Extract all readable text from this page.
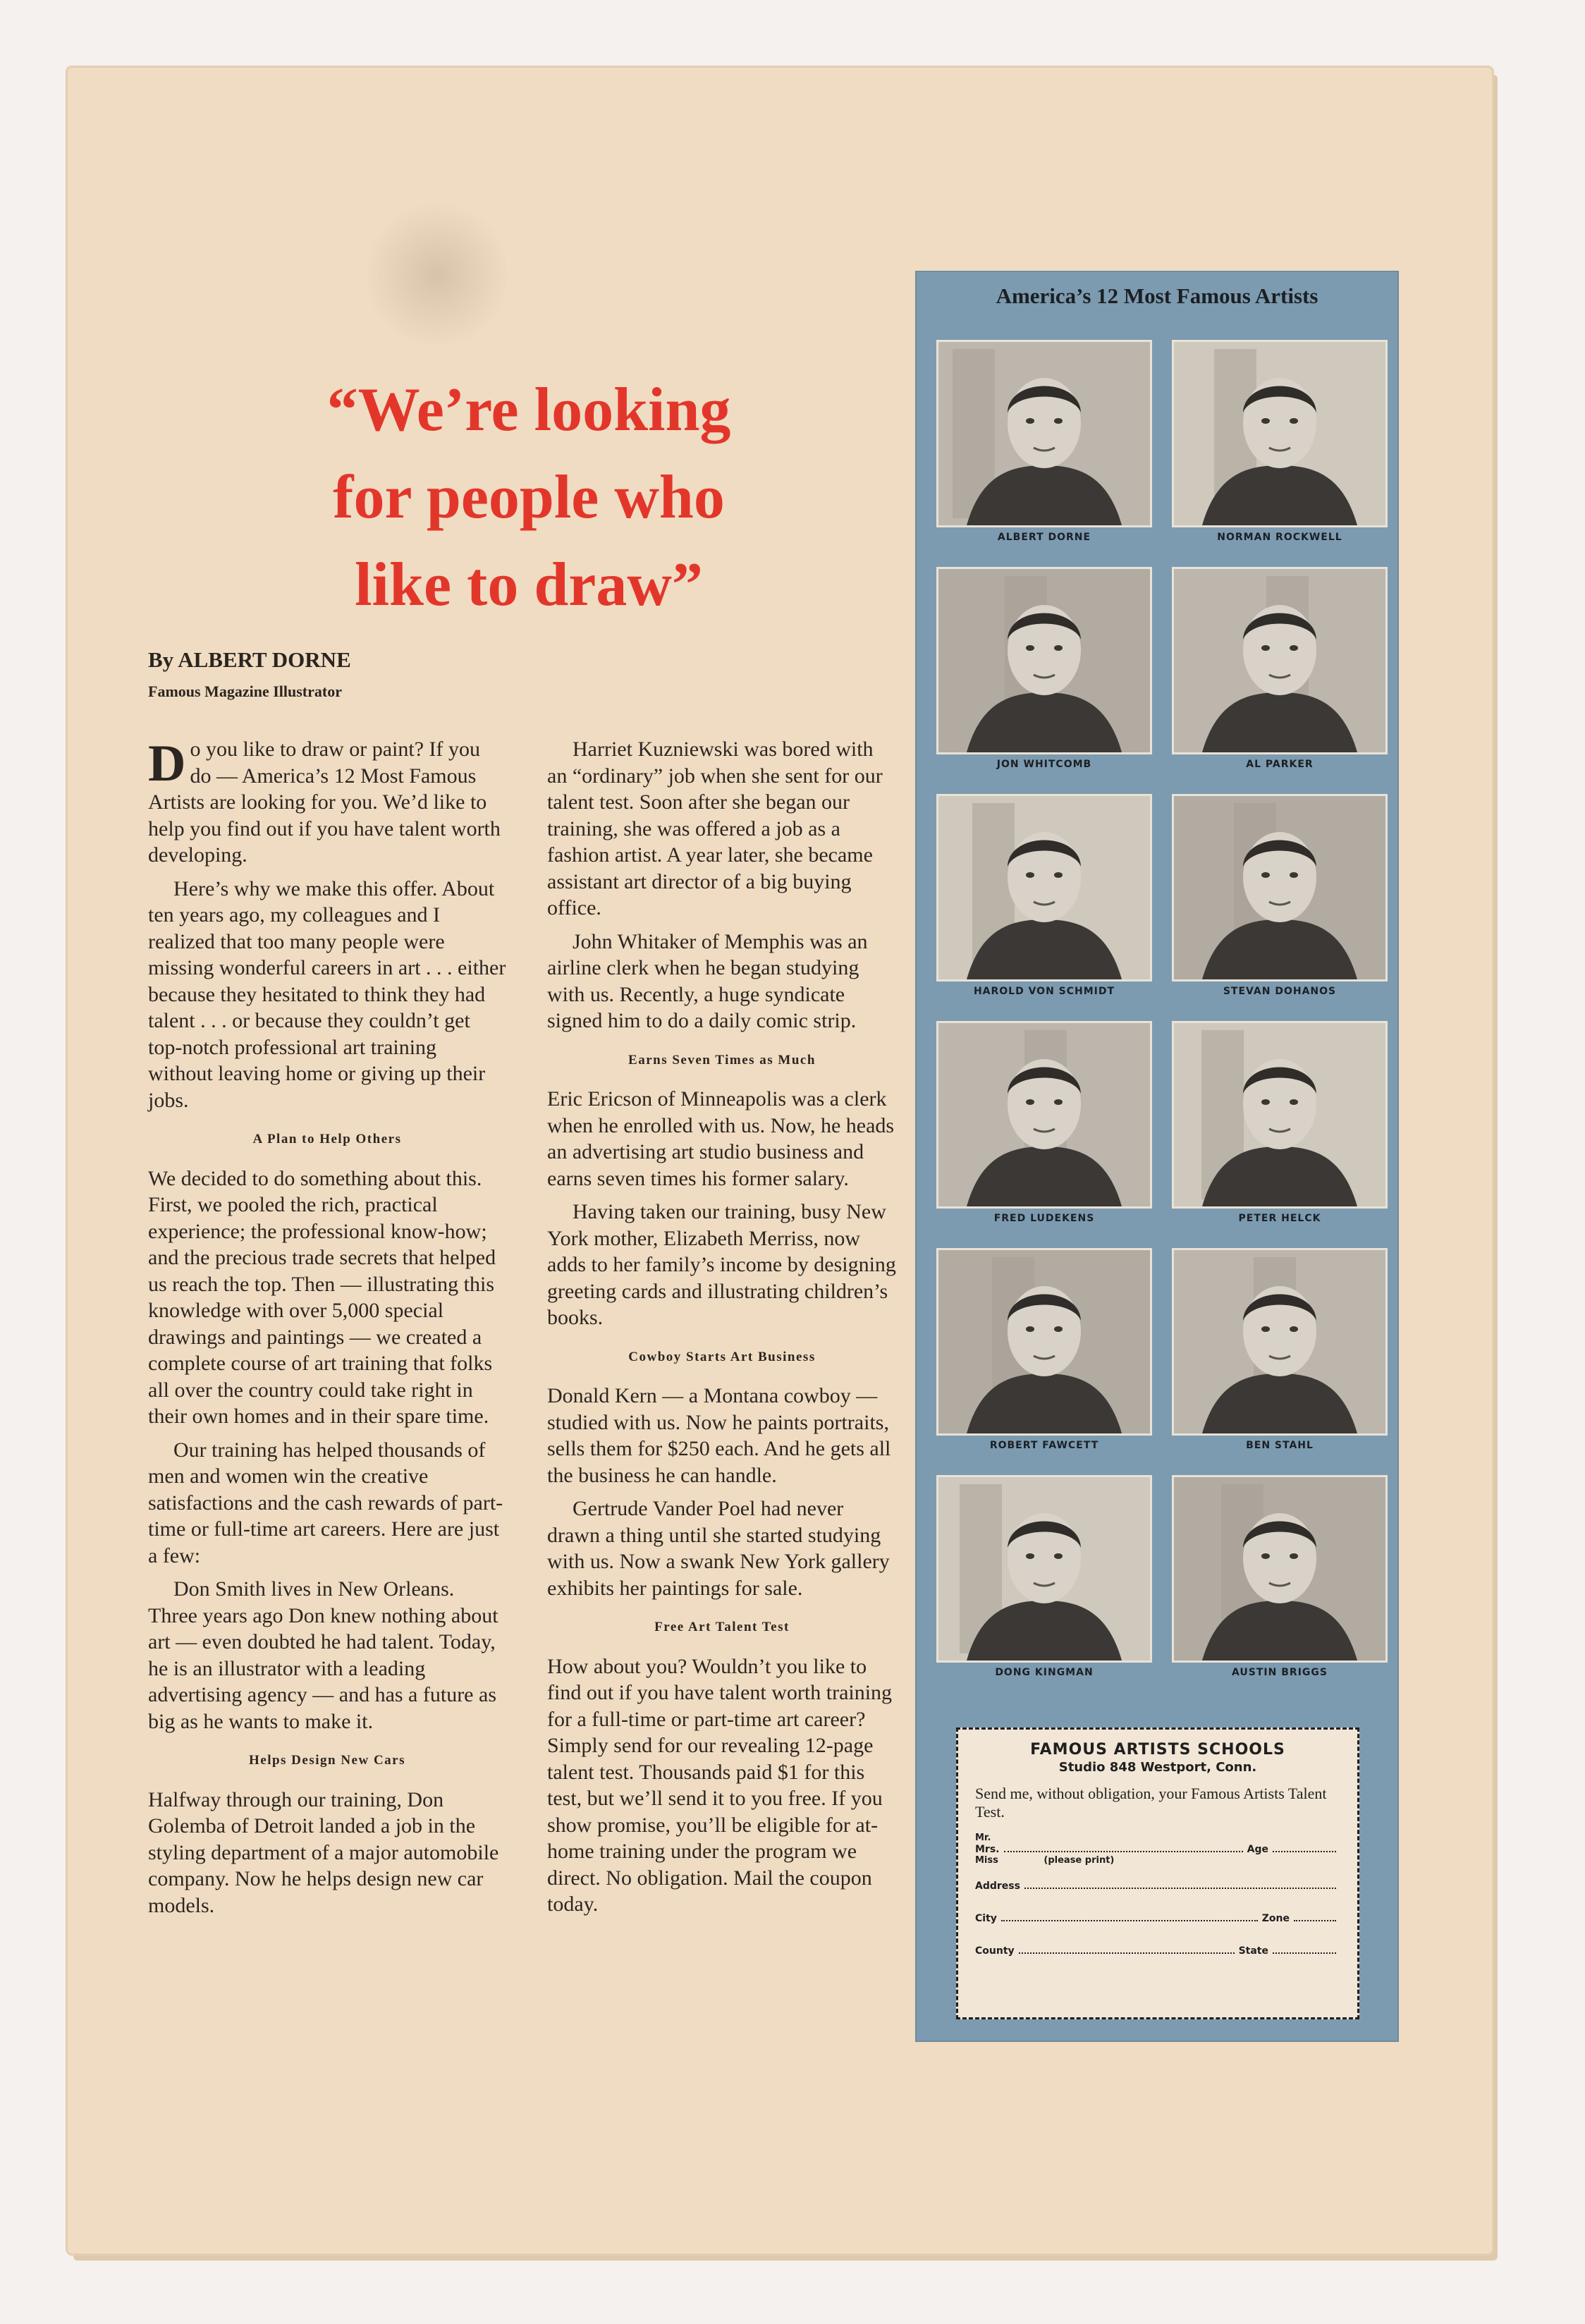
“We’re looking
for people who
like to draw”

By ALBERT DORNE

Famous Magazine Illustrator

Do you like to draw or paint? If you do — America’s 12 Most Famous Artists are looking for you. We’d like to help you find out if you have talent worth developing.

Here’s why we make this offer. About ten years ago, my colleagues and I realized that too many people were missing wonderful careers in art . . . either because they hesitated to think they had talent . . . or because they couldn’t get top-notch professional art training without leaving home or giving up their jobs.

A Plan to Help Others

We decided to do something about this. First, we pooled the rich, practical experience; the professional know-how; and the precious trade secrets that helped us reach the top. Then — illustrating this knowledge with over 5,000 special drawings and paintings — we created a complete course of art training that folks all over the country could take right in their own homes and in their spare time.

Our training has helped thousands of men and women win the creative satisfactions and the cash rewards of part-time or full-time art careers. Here are just a few:

Don Smith lives in New Orleans. Three years ago Don knew nothing about art — even doubted he had talent. Today, he is an illustrator with a leading advertising agency — and has a future as big as he wants to make it.

Helps Design New Cars

Halfway through our training, Don Golemba of Detroit landed a job in the styling department of a major automobile company. Now he helps design new car models.

Harriet Kuzniewski was bored with an “ordinary” job when she sent for our talent test. Soon after she began our training, she was offered a job as a fashion artist. A year later, she became assistant art director of a big buying office.

John Whitaker of Memphis was an airline clerk when he began studying with us. Recently, a huge syndicate signed him to do a daily comic strip.

Earns Seven Times as Much

Eric Ericson of Minneapolis was a clerk when he enrolled with us. Now, he heads an advertising art studio business and earns seven times his former salary.

Having taken our training, busy New York mother, Elizabeth Merriss, now adds to her family’s income by designing greeting cards and illustrating children’s books.

Cowboy Starts Art Business

Donald Kern — a Montana cowboy — studied with us. Now he paints portraits, sells them for $250 each. And he gets all the business he can handle.

Gertrude Vander Poel had never drawn a thing until she started studying with us. Now a swank New York gallery exhibits her paintings for sale.

Free Art Talent Test

How about you? Wouldn’t you like to find out if you have talent worth training for a full-time or part-time art career? Simply send for our revealing 12-page talent test. Thousands paid $1 for this test, but we’ll send it to you free. If you show promise, you’ll be eligible for at-home training under the program we direct. No obligation. Mail the coupon today.

America’s 12 Most Famous Artists

ALBERT DORNE	NORMAN ROCKWELL

JON WHITCOMB	AL PARKER

HAROLD VON SCHMIDT	STEVAN DOHANOS

FRED LUDEKENS	PETER HELCK

ROBERT FAWCETT	BEN STAHL

DONG KINGMAN	AUSTIN BRIGGS

FAMOUS ARTISTS SCHOOLS

Studio 848 Westport, Conn.

Send me, without obligation, your Famous Artists Talent Test.

Mr.

Mrs.	Age

Miss	(please print)

Address

City	Zone

County	State
